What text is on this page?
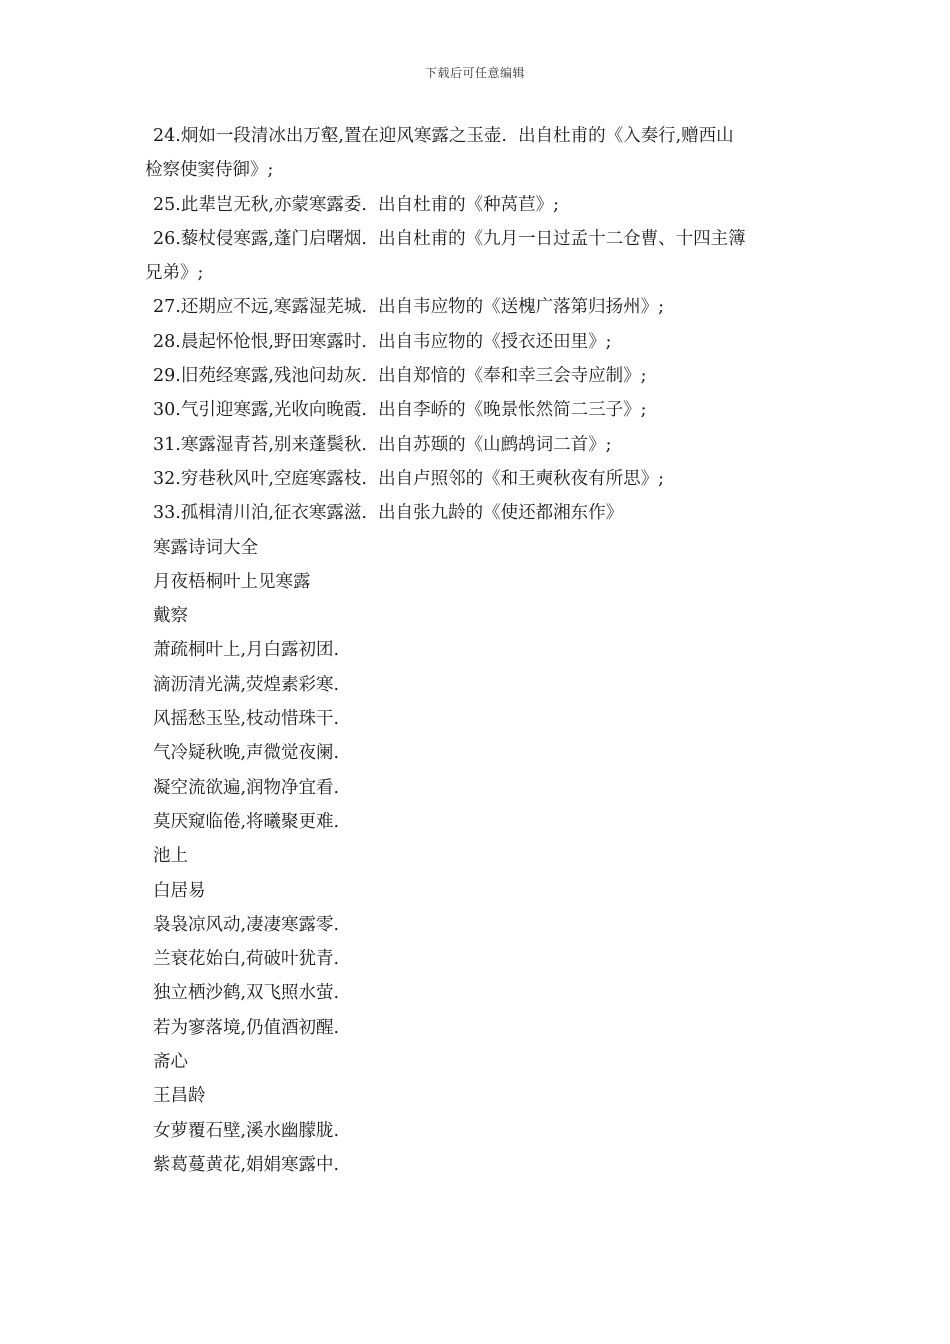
下载后可任意编辑

24.炯如一段清冰出万壑,置在迎风寒露之玉壶.  出自杜甫的《入奏行,赠西山

检察使窦侍御》;

25.此辈岂无秋,亦蒙寒露委.  出自杜甫的《种莴苣》;

26.藜杖侵寒露,蓬门启曙烟.  出自杜甫的《九月一日过孟十二仓曹、十四主簿

兄弟》;

27.还期应不远,寒露湿芜城.  出自韦应物的《送槐广落第归扬州》;

28.晨起怀怆恨,野田寒露时.  出自韦应物的《授衣还田里》;

29.旧苑经寒露,残池问劫灰.  出自郑愔的《奉和幸三会寺应制》;

30.气引迎寒露,光收向晚霞.  出自李峤的《晚景怅然简二三子》;

31.寒露湿青苔,别来蓬鬓秋.  出自苏颋的《山鹧鸪词二首》;

32.穷巷秋风叶,空庭寒露枝.  出自卢照邻的《和王奭秋夜有所思》;

33.孤楫清川泊,征衣寒露滋.  出自张九龄的《使还都湘东作》

寒露诗词大全

月夜梧桐叶上见寒露

戴察

萧疏桐叶上,月白露初团.

滴沥清光满,荧煌素彩寒.

风摇愁玉坠,枝动惜珠干.

气冷疑秋晚,声微觉夜阑.

凝空流欲遍,润物净宜看.

莫厌窥临倦,将曦聚更难.

池上

白居易

袅袅凉风动,凄凄寒露零.

兰衰花始白,荷破叶犹青.

独立栖沙鹤,双飞照水萤.

若为寥落境,仍值酒初醒.

斋心

王昌龄

女萝覆石壁,溪水幽朦胧.

紫葛蔓黄花,娟娟寒露中.
